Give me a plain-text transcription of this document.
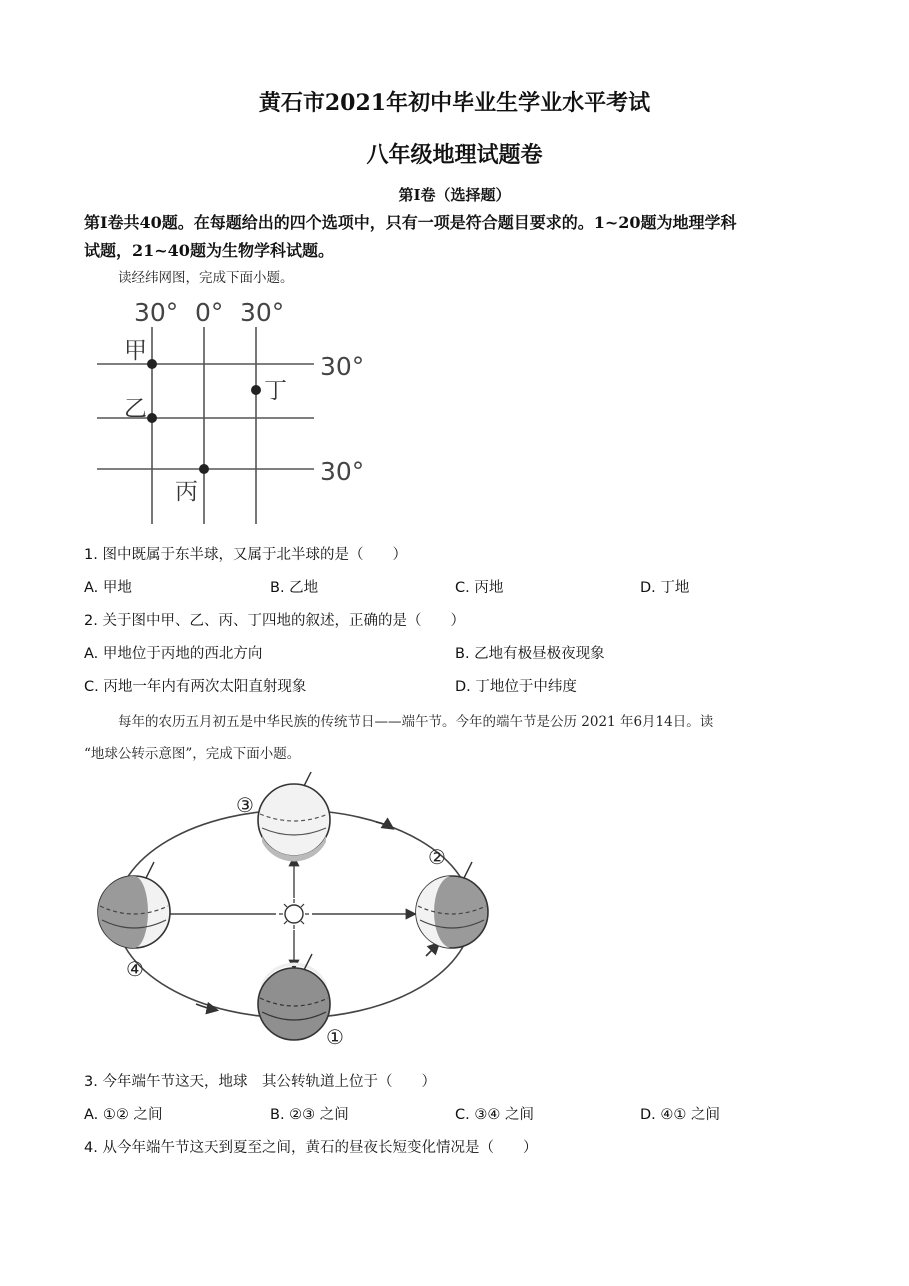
黄石市2021年初中毕业生学业水平考试
八年级地理试题卷
第I卷（选择题）
第I卷共40题。在每题给出的四个选项中，只有一项是符合题目要求的。1~20题为地理学科
试题，21~40题为生物学科试题。
读经纬网图，完成下面小题。
30° 0° 30°
30°
30°
甲
乙
丙
丁
1. 图中既属于东半球，又属于北半球的是（　　）
A. 甲地	B. 乙地	C. 丙地	D. 丁地
2. 关于图中甲、乙、丙、丁四地的叙述，正确的是（　　）
A. 甲地位于丙地的西北方向	B. 乙地有极昼极夜现象
C. 丙地一年内有两次太阳直射现象	D. 丁地位于中纬度
每年的农历五月初五是中华民族的传统节日——端午节。今年的端午节是公历 2021 年6月14日。读
“地球公转示意图”，完成下面小题。
③
②
④
①
3. 今年端午节这天，地球　其公转轨道上位于（　　）
A. ①② 之间	B. ②③ 之间	C. ③④ 之间	D. ④① 之间
4. 从今年端午节这天到夏至之间，黄石的昼夜长短变化情况是（　　）
